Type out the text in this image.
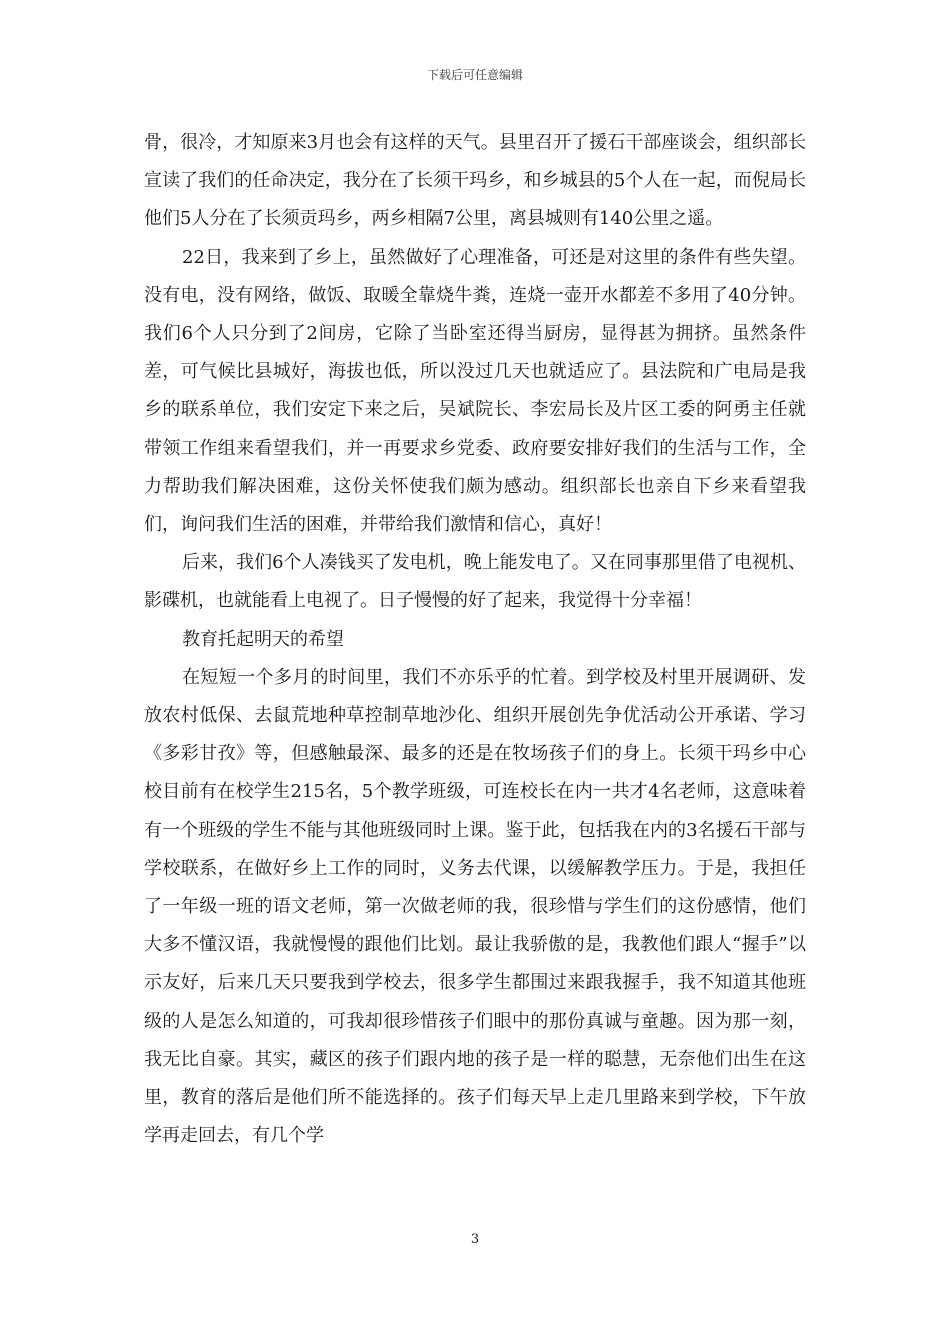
下载后可任意编辑

骨，很冷，才知原来3月也会有这样的天气。县里召开了援石干部座谈会，组织部长宣读了我们的任命决定，我分在了长须干玛乡，和乡城县的5个人在一起，而倪局长他们5人分在了长须贡玛乡，两乡相隔7公里，离县城则有140公里之遥。

22日，我来到了乡上，虽然做好了心理准备，可还是对这里的条件有些失望。没有电，没有网络，做饭、取暖全靠烧牛粪，连烧一壶开水都差不多用了40分钟。我们6个人只分到了2间房，它除了当卧室还得当厨房，显得甚为拥挤。虽然条件差，可气候比县城好，海拔也低，所以没过几天也就适应了。县法院和广电局是我乡的联系单位，我们安定下来之后，吴斌院长、李宏局长及片区工委的阿勇主任就带领工作组来看望我们，并一再要求乡党委、政府要安排好我们的生活与工作，全力帮助我们解决困难，这份关怀使我们颇为感动。组织部长也亲自下乡来看望我们，询问我们生活的困难，并带给我们激情和信心，真好！

后来，我们6个人凑钱买了发电机，晚上能发电了。又在同事那里借了电视机、影碟机，也就能看上电视了。日子慢慢的好了起来，我觉得十分幸福！

教育托起明天的希望

在短短一个多月的时间里，我们不亦乐乎的忙着。到学校及村里开展调研、发放农村低保、去鼠荒地种草控制草地沙化、组织开展创先争优活动公开承诺、学习《多彩甘孜》等，但感触最深、最多的还是在牧场孩子们的身上。长须干玛乡中心校目前有在校学生215名，5个教学班级，可连校长在内一共才4名老师，这意味着有一个班级的学生不能与其他班级同时上课。鉴于此，包括我在内的3名援石干部与学校联系，在做好乡上工作的同时，义务去代课，以缓解教学压力。于是，我担任了一年级一班的语文老师，第一次做老师的我，很珍惜与学生们的这份感情，他们大多不懂汉语，我就慢慢的跟他们比划。最让我骄傲的是，我教他们跟人“握手”以示友好，后来几天只要我到学校去，很多学生都围过来跟我握手，我不知道其他班级的人是怎么知道的，可我却很珍惜孩子们眼中的那份真诚与童趣。因为那一刻，我无比自豪。其实，藏区的孩子们跟内地的孩子是一样的聪慧，无奈他们出生在这里，教育的落后是他们所不能选择的。孩子们每天早上走几里路来到学校，下午放学再走回去，有几个学

3
